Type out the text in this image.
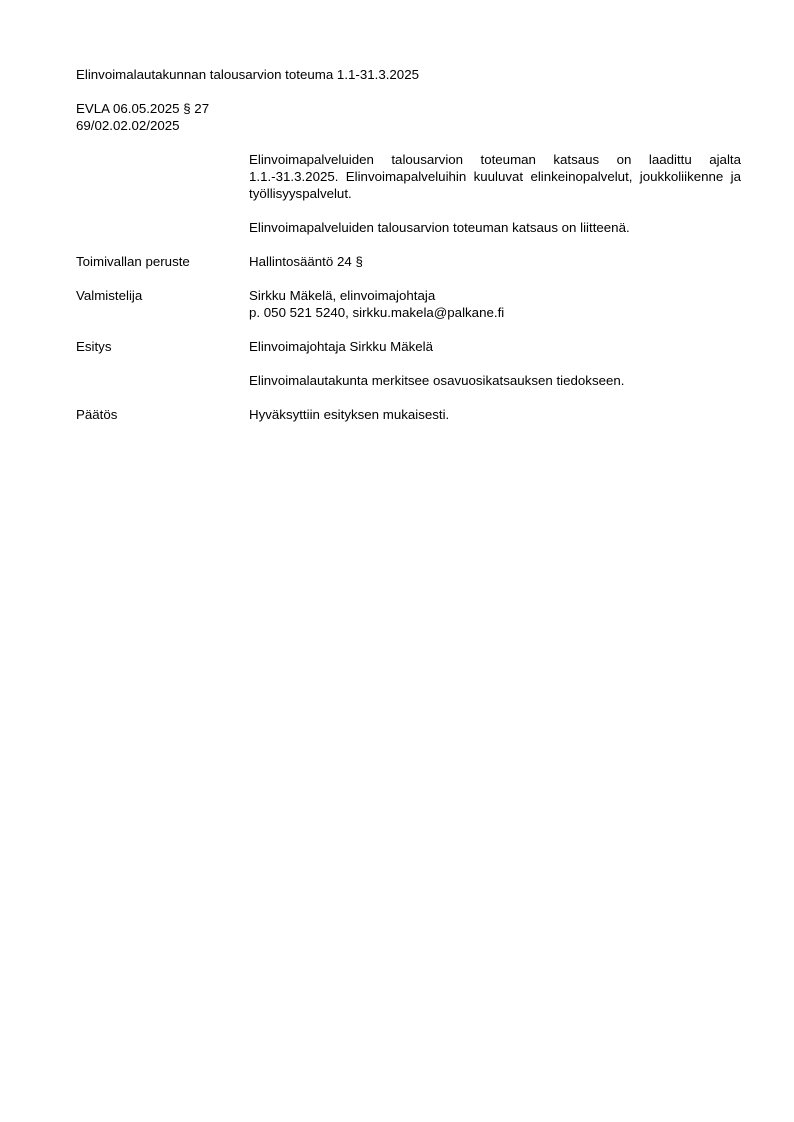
Elinvoimalautakunnan talousarvion toteuma 1.1-31.3.2025
EVLA 06.05.2025 § 27
69/02.02.02/2025

Elinvoimapalveluiden talousarvion toteuman katsaus on laadittu ajalta 1.1.-31.3.2025. Elinvoimapalveluihin kuuluvat elinkeinopalvelut, joukkoliikenne ja työllisyyspalvelut.

Elinvoimapalveluiden talousarvion toteuman katsaus on liitteenä.

Toimivallan peruste	Hallintosääntö 24 §

Valmistelija	Sirkku Mäkelä, elinvoimajohtaja
p. 050 521 5240, sirkku.makela@palkane.fi
Esitys	Elinvoimajohtaja Sirkku Mäkelä

Elinvoimalautakunta merkitsee osavuosikatsauksen tiedokseen.

Päätös	Hyväksyttiin esityksen mukaisesti.
